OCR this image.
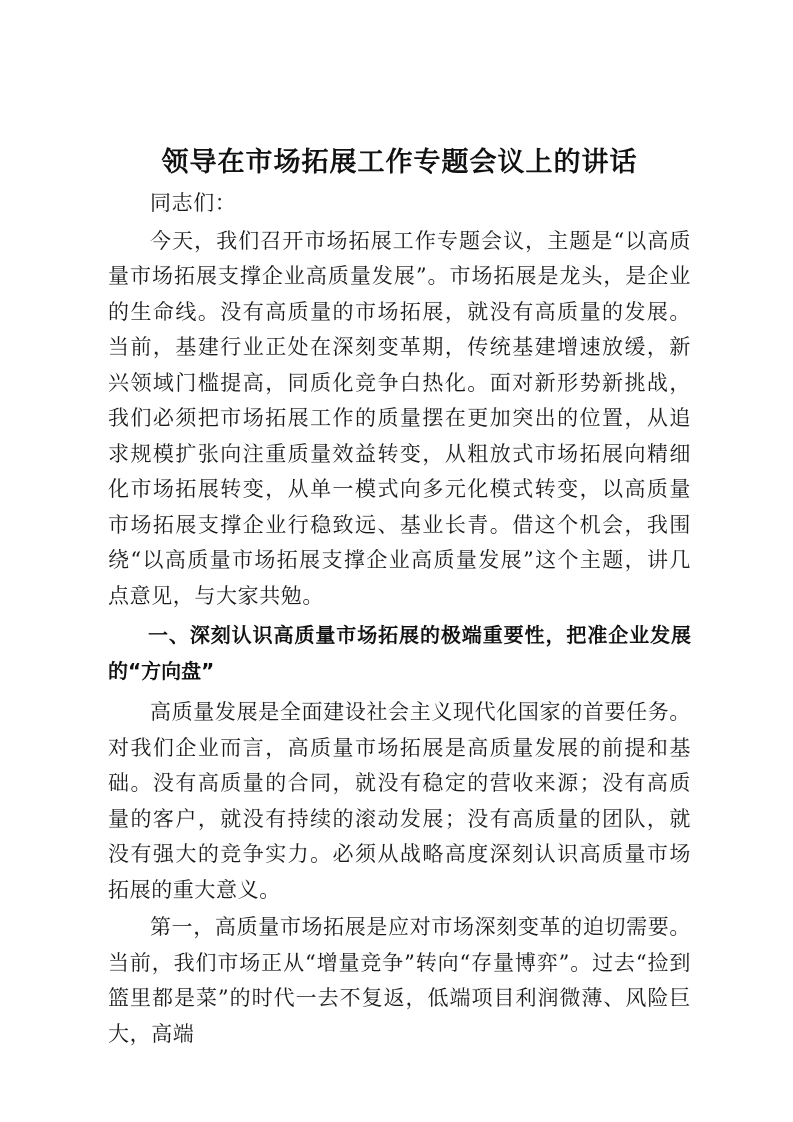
领导在市场拓展工作专题会议上的讲话

同志们：

今天，我们召开市场拓展工作专题会议，主题是“以高质量市场拓展支撑企业高质量发展”。市场拓展是龙头，是企业的生命线。没有高质量的市场拓展，就没有高质量的发展。当前，基建行业正处在深刻变革期，传统基建增速放缓，新兴领域门槛提高，同质化竞争白热化。面对新形势新挑战，我们必须把市场拓展工作的质量摆在更加突出的位置，从追求规模扩张向注重质量效益转变，从粗放式市场拓展向精细化市场拓展转变，从单一模式向多元化模式转变，以高质量市场拓展支撑企业行稳致远、基业长青。借这个机会，我围绕“以高质量市场拓展支撑企业高质量发展”这个主题，讲几点意见，与大家共勉。

一、深刻认识高质量市场拓展的极端重要性，把准企业发展的“方向盘”

高质量发展是全面建设社会主义现代化国家的首要任务。对我们企业而言，高质量市场拓展是高质量发展的前提和基础。没有高质量的合同，就没有稳定的营收来源；没有高质量的客户，就没有持续的滚动发展；没有高质量的团队，就没有强大的竞争实力。必须从战略高度深刻认识高质量市场拓展的重大意义。

第一，高质量市场拓展是应对市场深刻变革的迫切需要。当前，我们市场正从“增量竞争”转向“存量博弈”。过去“捡到篮里都是菜”的时代一去不复返，低端项目利润微薄、风险巨大，高端
